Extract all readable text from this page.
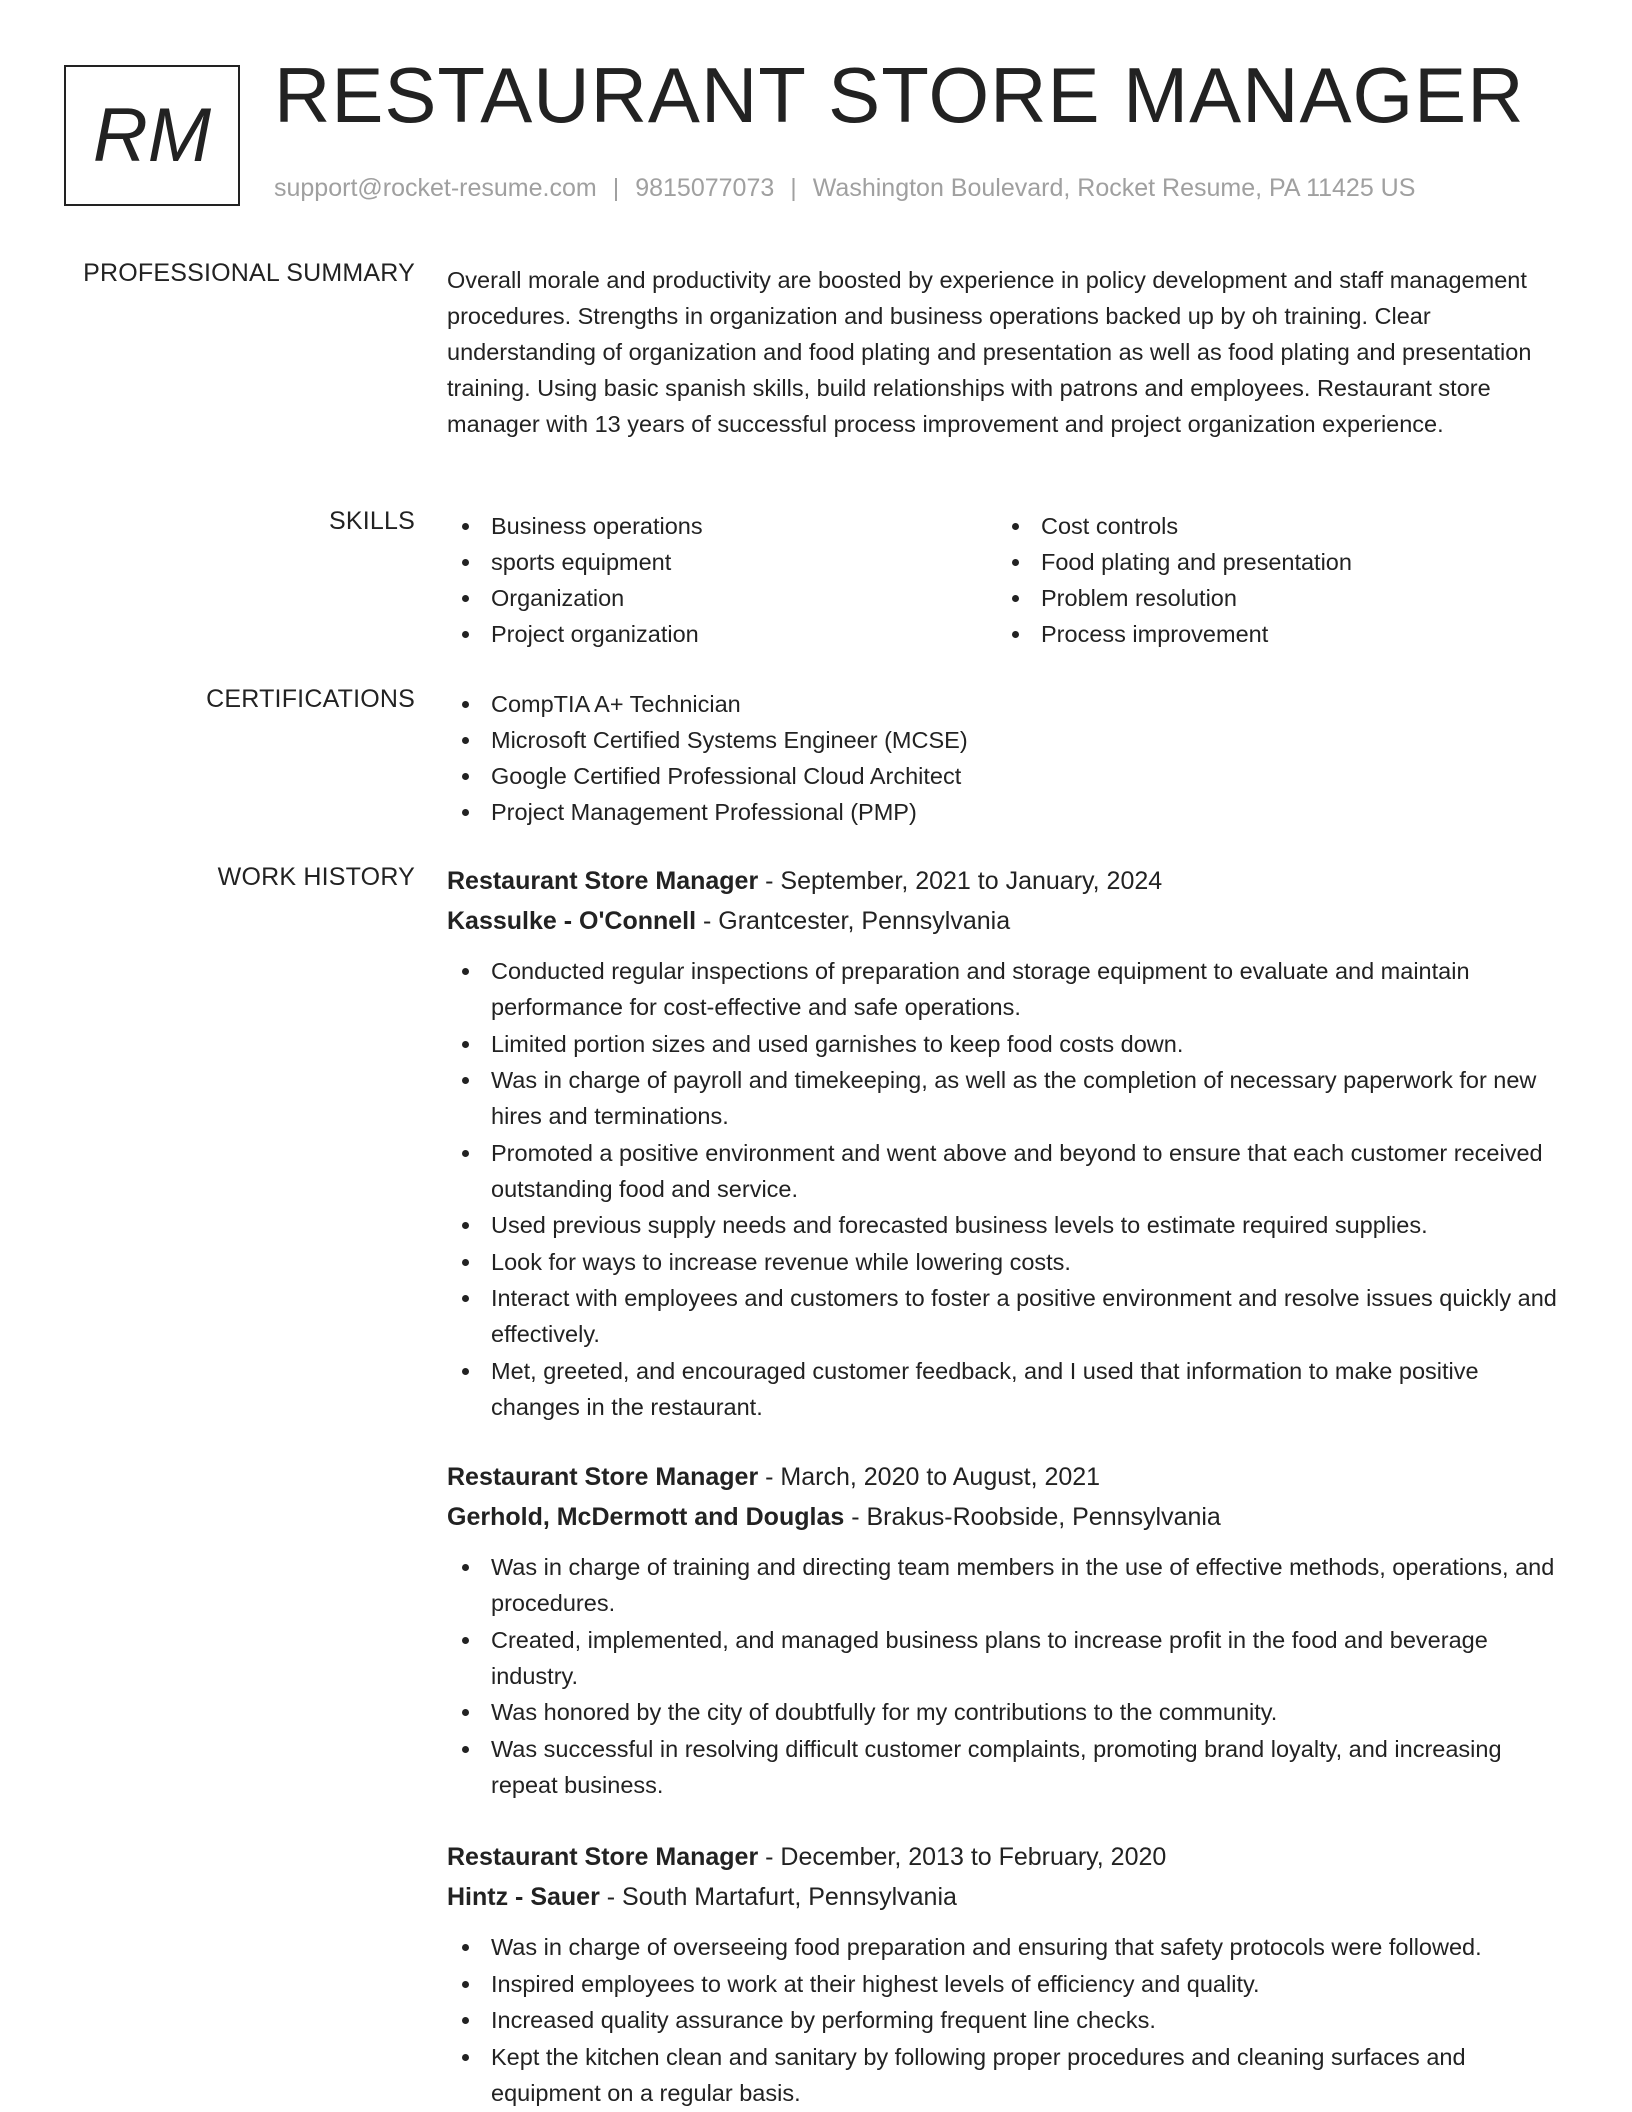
RM RESTAURANT STORE MANAGER
support@rocket-resume.com | 9815077073 | Washington Boulevard, Rocket Resume, PA 11425 US
PROFESSIONAL SUMMARY Overall morale and productivity are boosted by experience in policy development and staff management procedures. Strengths in organization and business operations backed up by oh training. Clear understanding of organization and food plating and presentation as well as food plating and presentation training. Using basic spanish skills, build relationships with patrons and employees. Restaurant store manager with 13 years of successful process improvement and project organization experience.

SKILLS	Business operations
sports equipment
Organization
Project organization
Cost controls
Food plating and presentation
Problem resolution
Process improvement
CERTIFICATIONS	CompTIA A+ Technician
Microsoft Certified Systems Engineer (MCSE)
Google Certified Professional Cloud Architect
Project Management Professional (PMP)
WORK HISTORY Restaurant Store Manager - September, 2021 to January, 2024
Kassulke - O'Connell - Grantcester, Pennsylvania
Conducted regular inspections of preparation and storage equipment to evaluate and maintain performance for cost-effective and safe operations.
Limited portion sizes and used garnishes to keep food costs down.
Was in charge of payroll and timekeeping, as well as the completion of necessary paperwork for new hires and terminations.
Promoted a positive environment and went above and beyond to ensure that each customer received outstanding food and service.
Used previous supply needs and forecasted business levels to estimate required supplies.
Look for ways to increase revenue while lowering costs.
Interact with employees and customers to foster a positive environment and resolve issues quickly and effectively.
Met, greeted, and encouraged customer feedback, and I used that information to make positive changes in the restaurant.
Restaurant Store Manager - March, 2020 to August, 2021
Gerhold, McDermott and Douglas - Brakus-Roobside, Pennsylvania
Was in charge of training and directing team members in the use of effective methods, operations, and procedures.
Created, implemented, and managed business plans to increase profit in the food and beverage industry.
Was honored by the city of doubtfully for my contributions to the community.
Was successful in resolving difficult customer complaints, promoting brand loyalty, and increasing repeat business.
Restaurant Store Manager - December, 2013 to February, 2020
Hintz - Sauer - South Martafurt, Pennsylvania
Was in charge of overseeing food preparation and ensuring that safety protocols were followed.
Inspired employees to work at their highest levels of efficiency and quality.
Increased quality assurance by performing frequent line checks.
Kept the kitchen clean and sanitary by following proper procedures and cleaning surfaces and equipment on a regular basis.
